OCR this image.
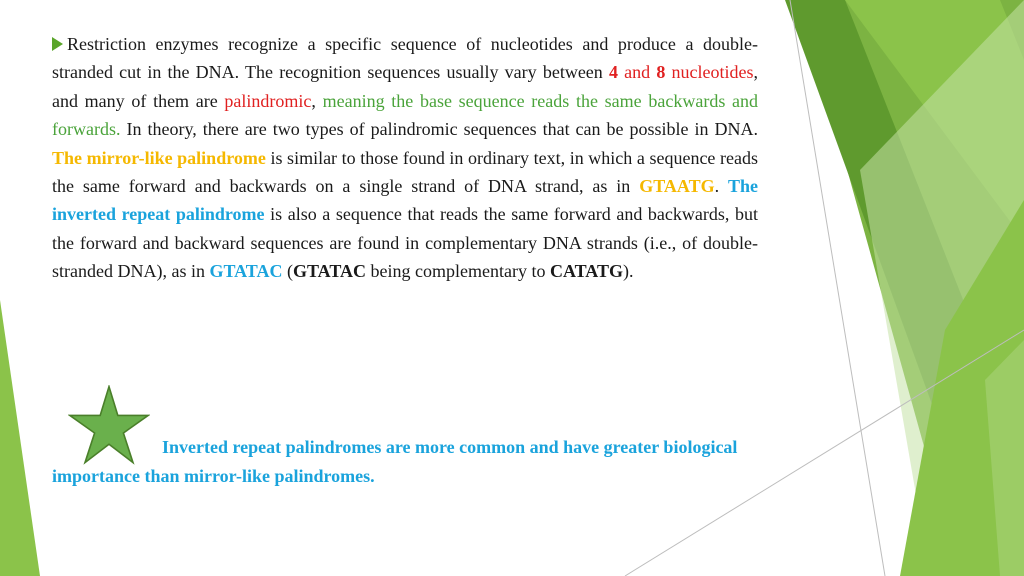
Restriction enzymes recognize a specific sequence of nucleotides and produce a double-stranded cut in the DNA. The recognition sequences usually vary between 4 and 8 nucleotides, and many of them are palindromic, meaning the base sequence reads the same backwards and forwards. In theory, there are two types of palindromic sequences that can be possible in DNA. The mirror-like palindrome is similar to those found in ordinary text, in which a sequence reads the same forward and backwards on a single strand of DNA strand, as in GTAATG. The inverted repeat palindrome is also a sequence that reads the same forward and backwards, but the forward and backward sequences are found in complementary DNA strands (i.e., of double-stranded DNA), as in GTATAC (GTATAC being complementary to CATATG).

Inverted repeat palindromes are more common and have greater biological importance than mirror-like palindromes.
